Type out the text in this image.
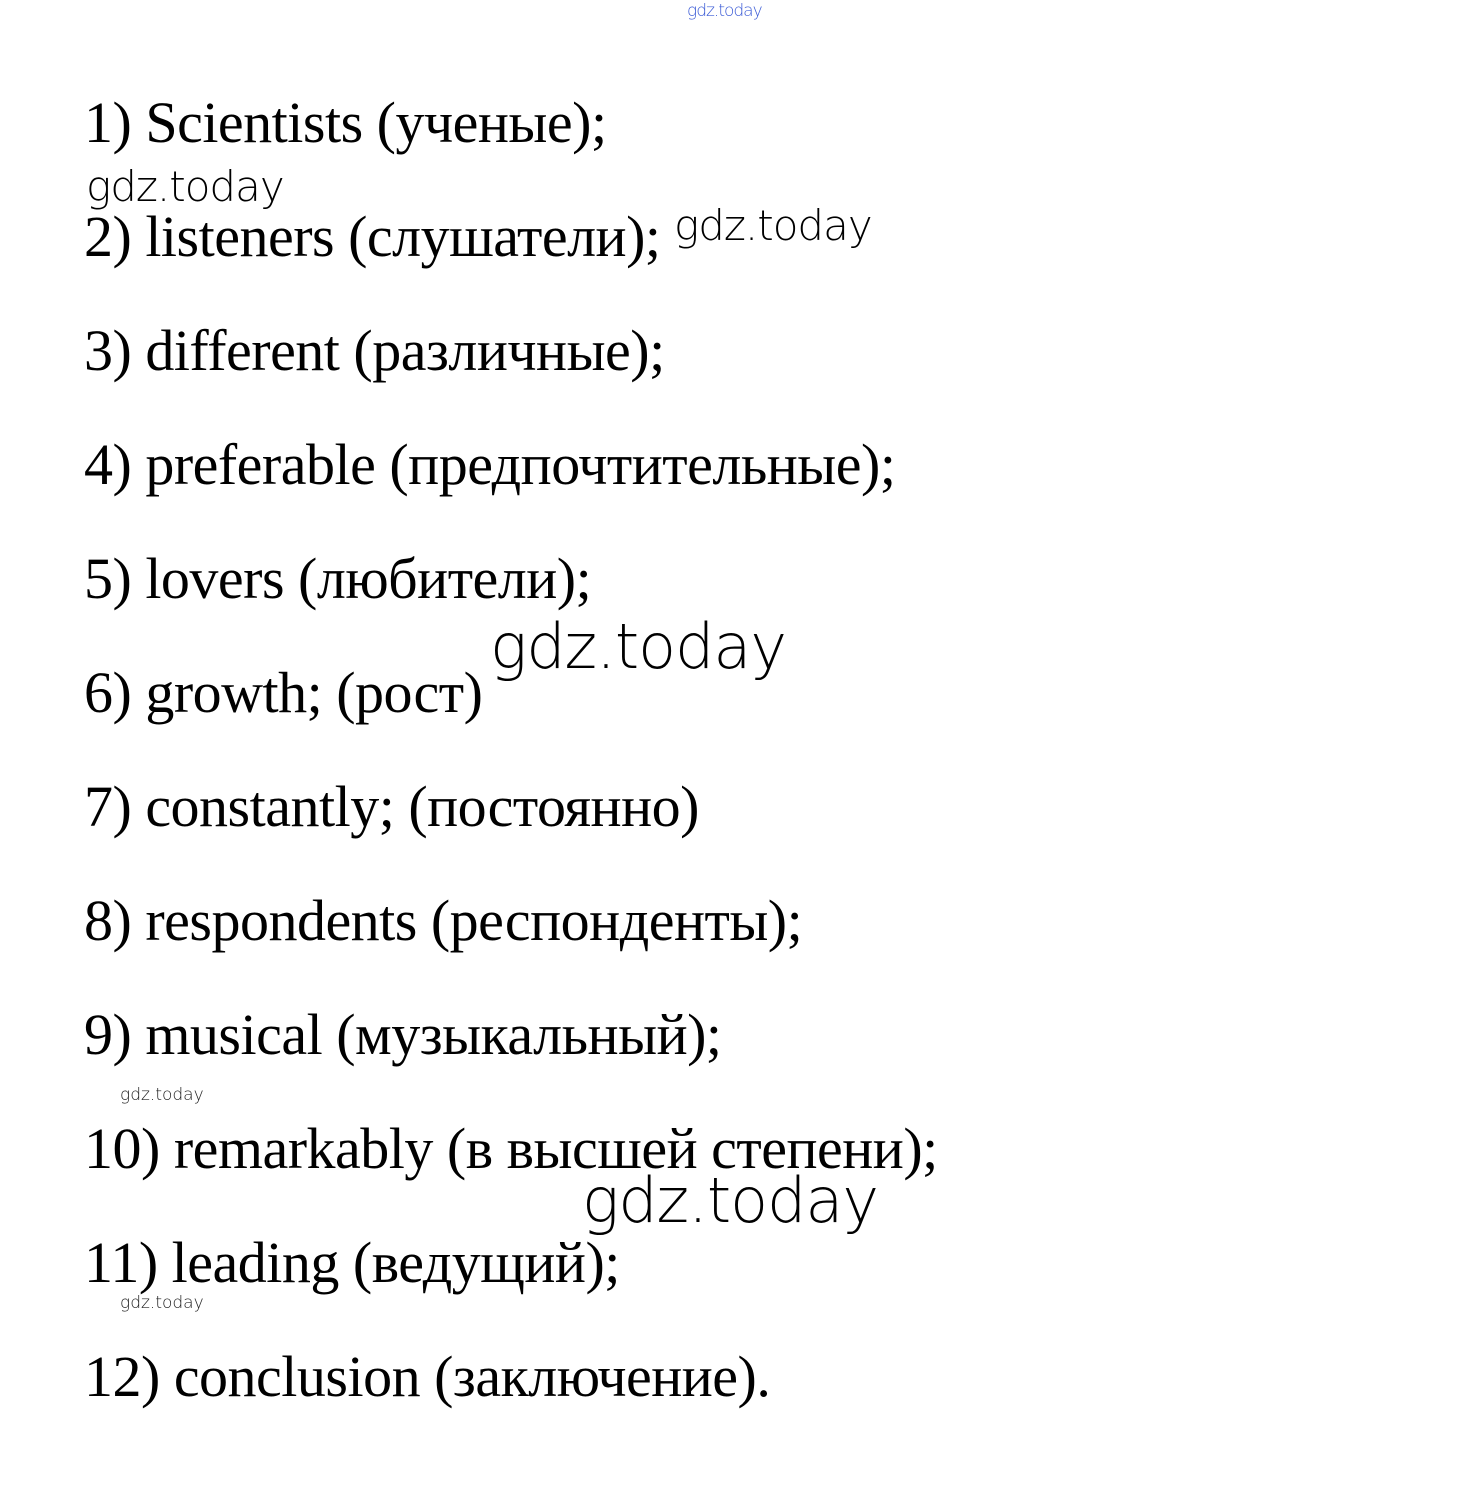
gdz.today
1) Scientists (ученые);
gdz.today
2) listeners (слушатели); gdz.today
3) different (различные);
4) preferable (предпочтительные);
5) lovers (любители);
gdz.today
6) growth; (рост)
7) constantly; (постоянно)
8) respondents (респонденты);
9) musical (музыкальный);
gdz.today
10) remarkably (в высшей степени);
gdz.today
11) leading (ведущий);
gdz.today
12) conclusion (заключение).
